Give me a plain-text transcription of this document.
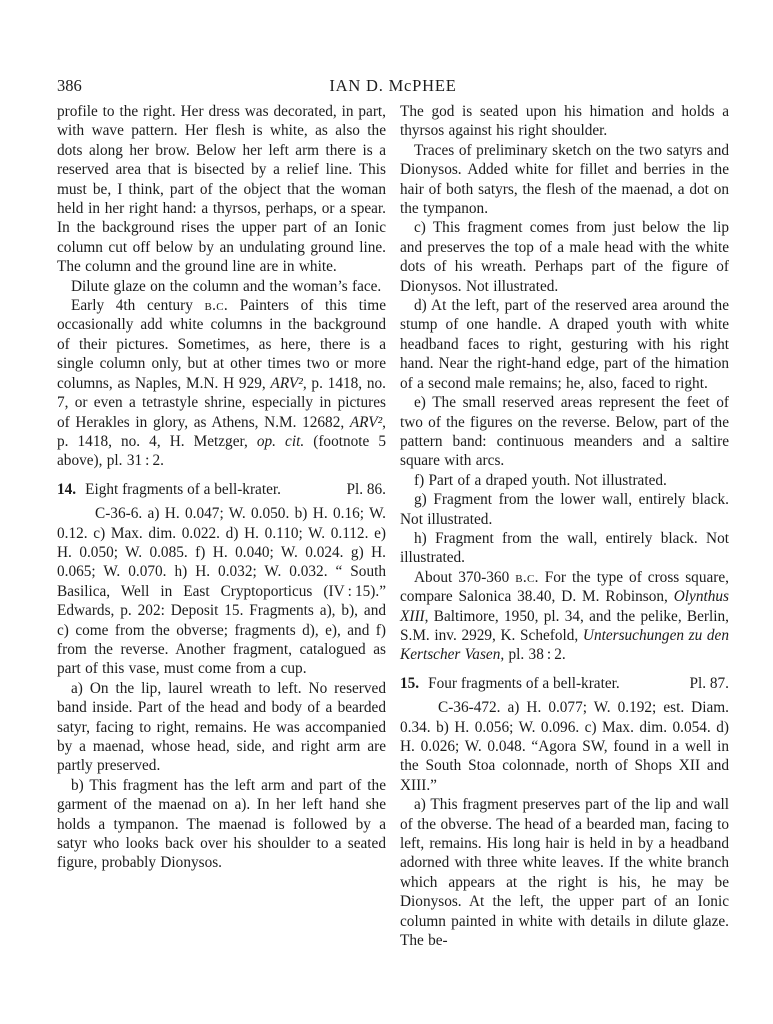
386	IAN D. McPHEE

profile to the right. Her dress was decorated, in part, with wave pattern. Her flesh is white, as also the dots along her brow. Below her left arm there is a reserved area that is bisected by a relief line. This must be, I think, part of the object that the woman held in her right hand: a thyrsos, perhaps, or a spear. In the background rises the upper part of an Ionic column cut off below by an undulating ground line. The column and the ground line are in white.

Dilute glaze on the column and the woman’s face.

Early 4th century b.c. Painters of this time occasionally add white columns in the background of their pictures. Sometimes, as here, there is a single column only, but at other times two or more columns, as Naples, M.N. H 929, ARV², p. 1418, no. 7, or even a tetrastyle shrine, especially in pictures of Herakles in glory, as Athens, N.M. 12682, ARV², p. 1418, no. 4, H. Metzger, op. cit. (footnote 5 above), pl. 31 : 2.

14. Eight fragments of a bell-krater.	Pl. 86.

C-36-6. a) H. 0.047; W. 0.050. b) H. 0.16; W. 0.12. c) Max. dim. 0.022. d) H. 0.110; W. 0.112. e) H. 0.050; W. 0.085. f) H. 0.040; W. 0.024. g) H. 0.065; W. 0.070. h) H. 0.032; W. 0.032. “ South Basilica, Well in East Cryptoporticus (IV : 15).” Edwards, p. 202: Deposit 15. Fragments a), b), and c) come from the obverse; fragments d), e), and f) from the reverse. Another fragment, catalogued as part of this vase, must come from a cup.

a) On the lip, laurel wreath to left. No reserved band inside. Part of the head and body of a bearded satyr, facing to right, remains. He was accompanied by a maenad, whose head, side, and right arm are partly preserved.

b) This fragment has the left arm and part of the garment of the maenad on a). In her left hand she holds a tympanon. The maenad is followed by a satyr who looks back over his shoulder to a seated figure, probably Dionysos.

The god is seated upon his himation and holds a thyrsos against his right shoulder.

Traces of preliminary sketch on the two satyrs and Dionysos. Added white for fillet and berries in the hair of both satyrs, the flesh of the maenad, a dot on the tympanon.

c) This fragment comes from just below the lip and preserves the top of a male head with the white dots of his wreath. Perhaps part of the figure of Dionysos. Not illustrated.

d) At the left, part of the reserved area around the stump of one handle. A draped youth with white headband faces to right, gesturing with his right hand. Near the right-hand edge, part of the himation of a second male remains; he, also, faced to right.

e) The small reserved areas represent the feet of two of the figures on the reverse. Below, part of the pattern band: continuous meanders and a saltire square with arcs.

f) Part of a draped youth. Not illustrated.

g) Fragment from the lower wall, entirely black. Not illustrated.

h) Fragment from the wall, entirely black. Not illustrated.

About 370-360 b.c. For the type of cross square, compare Salonica 38.40, D. M. Robinson, Olynthus XIII, Baltimore, 1950, pl. 34, and the pelike, Berlin, S.M. inv. 2929, K. Schefold, Untersuchungen zu den Kertscher Vasen, pl. 38 : 2.

15. Four fragments of a bell-krater.	Pl. 87.

C-36-472. a) H. 0.077; W. 0.192; est. Diam. 0.34. b) H. 0.056; W. 0.096. c) Max. dim. 0.054. d) H. 0.026; W. 0.048. “Agora SW, found in a well in the South Stoa colonnade, north of Shops XII and XIII.”

a) This fragment preserves part of the lip and wall of the obverse. The head of a bearded man, facing to left, remains. His long hair is held in by a headband adorned with three white leaves. If the white branch which appears at the right is his, he may be Dionysos. At the left, the upper part of an Ionic column painted in white with details in dilute glaze. The be-
